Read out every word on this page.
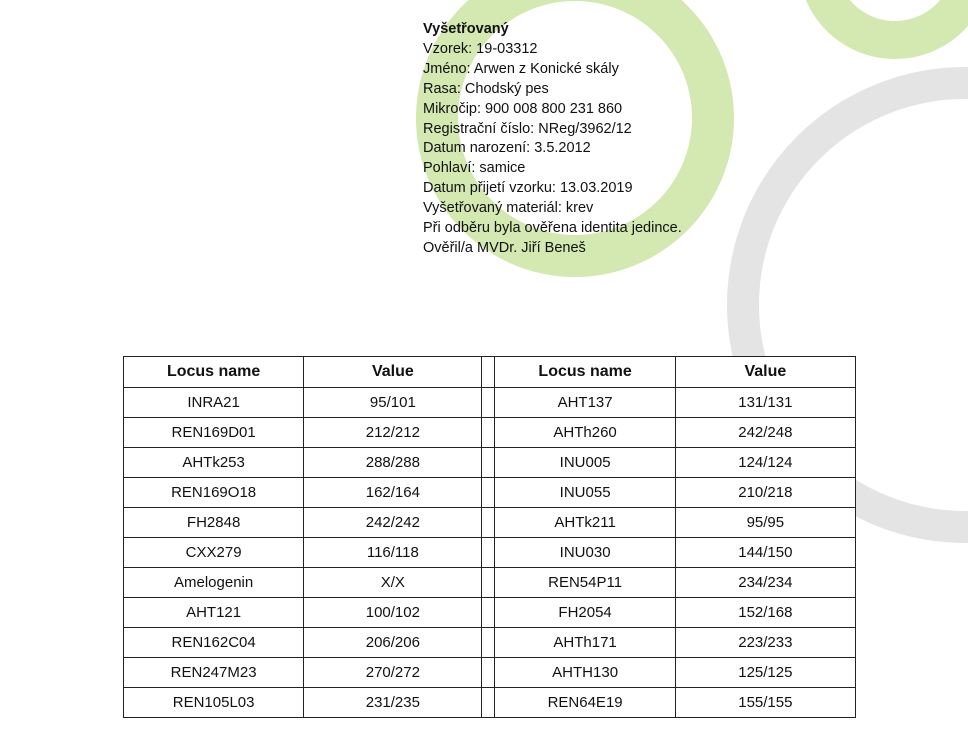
Vyšetřovaný
Vzorek: 19-03312
Jméno: Arwen z Konické skály
Rasa: Chodský pes
Mikročip: 900 008 800 231 860
Registrační číslo: NReg/3962/12
Datum narození: 3.5.2012
Pohlaví: samice
Datum přijetí vzorku: 13.03.2019
Vyšetřovaný materiál: krev
Při odběru byla ověřena identita jedince.
Ověřil/a MVDr. Jiří Beneš
Locus name	Value		Locus name	Value
INRA21	95/101		AHT137	131/131
REN169D01	212/212		AHTh260	242/248
AHTk253	288/288		INU005	124/124
REN169O18	162/164		INU055	210/218
FH2848	242/242		AHTk211	95/95
CXX279	116/118		INU030	144/150
Amelogenin	X/X		REN54P11	234/234
AHT121	100/102		FH2054	152/168
REN162C04	206/206		AHTh171	223/233
REN247M23	270/272		AHTH130	125/125
REN105L03	231/235		REN64E19	155/155
